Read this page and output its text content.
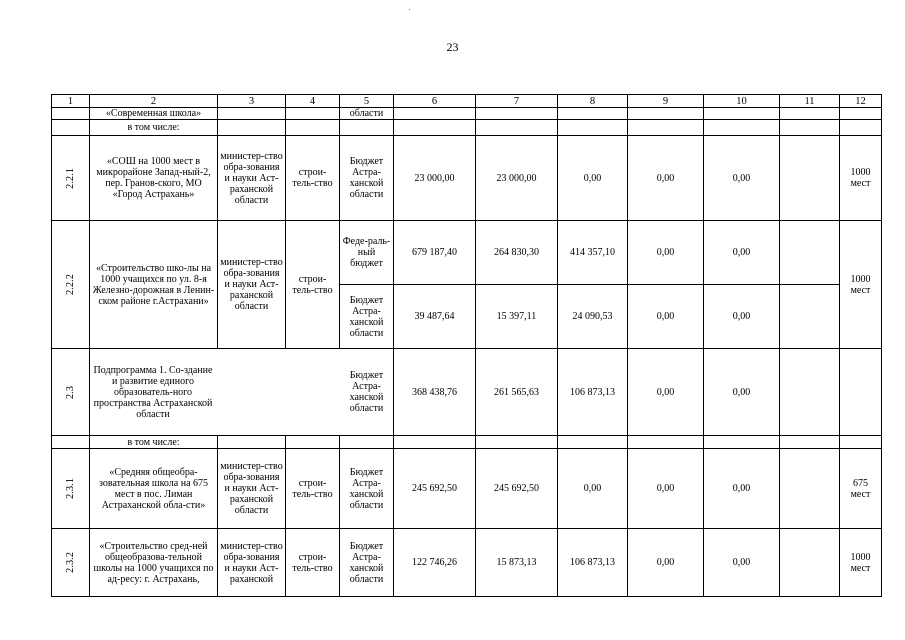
23
1	2	3	4	5	6	7	8	9	10	11	12
	«Современная школа»			области							
	в том числе:										
2.2.1	«СОШ на 1000 мест в микрорайоне Запад-ный-2, пер. Гранов-ского, МО «Город Астрахань»	министер-ство обра-зования и науки Аст-раханской области	строи-тель-ство	Бюджет Астра-ханской области	23 000,00	23 000,00	0,00	0,00	0,00		1000 мест
2.2.2	«Строительство шко-лы на 1000 учащихся по ул. 8-я Железно-дорожная в Ленин-ском районе г.Астрахани»	министер-ство обра-зования и науки Аст-раханской области	строи-тель-ство	Феде-раль-ный бюджет	679 187,40	264 830,30	414 357,10	0,00	0,00		1000 мест
				Бюджет Астра-ханской области	39 487,64	15 397,11	24 090,53	0,00	0,00		
2.3	Подпрограмма 1. Со-здание и развитие единого образователь-ного пространства Астраханской области			Бюджет Астра-ханской области	368 438,76	261 565,63	106 873,13	0,00	0,00		
	в том числе:										
2.3.1	«Средняя общеобра-зовательная школа на 675 мест в пос. Лиман Астраханской обла-сти»	министер-ство обра-зования и науки Аст-раханской области	строи-тель-ство	Бюджет Астра-ханской области	245 692,50	245 692,50	0,00	0,00	0,00		675 мест
2.3.2	«Строительство сред-ней общеобразова-тельной школы на 1000 учащихся по ад-ресу: г. Астрахань,	министер-ство обра-зования и науки Аст-раханской	строи-тель-ство	Бюджет Астра-ханской области	122 746,26	15 873,13	106 873,13	0,00	0,00		1000 мест
